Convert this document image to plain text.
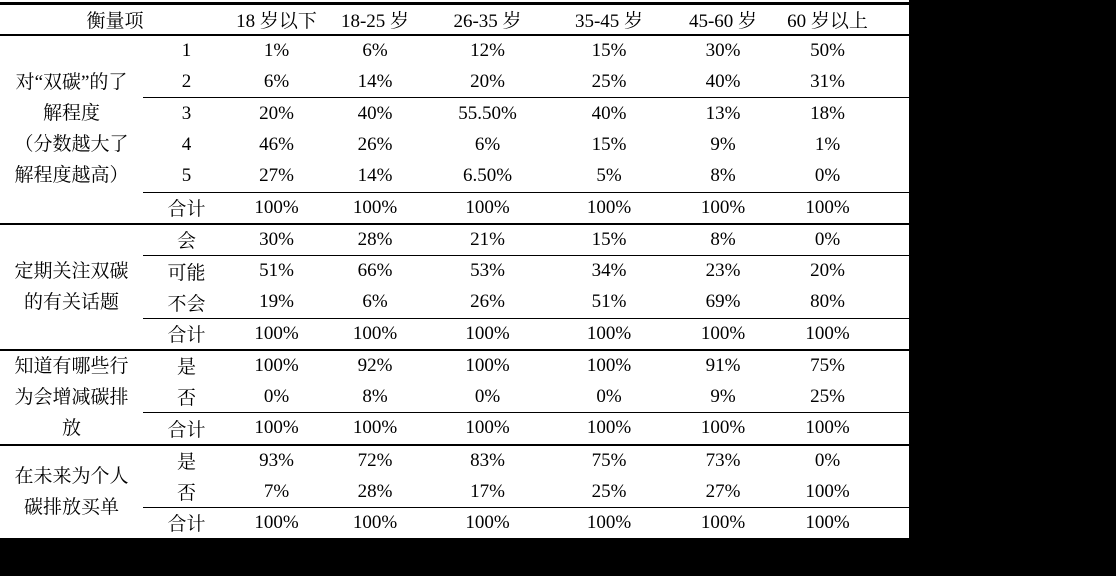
衡量项		18 岁以下	18-25 岁	26-35 岁	35-45 岁	45-60 岁	60 岁以上

对“双碳”的了
解程度
（分数越大了
解程度越高）	1	1%	6%	12%	15%	30%	50%
	2	6%	14%	20%	25%	40%	31%
	3	20%	40%	55.50%	40%	13%	18%
	4	46%	26%	6%	15%	9%	1%
	5	27%	14%	6.50%	5%	8%	0%
	合计	100%	100%	100%	100%	100%	100%

定期关注双碳
的有关话题	会	30%	28%	21%	15%	8%	0%
	可能	51%	66%	53%	34%	23%	20%
	不会	19%	6%	26%	51%	69%	80%
	合计	100%	100%	100%	100%	100%	100%

知道有哪些行
为会增减碳排
放	是	100%	92%	100%	100%	91%	75%
	否	0%	8%	0%	0%	9%	25%
	合计	100%	100%	100%	100%	100%	100%

在未来为个人
碳排放买单	是	93%	72%	83%	75%	73%	0%
	否	7%	28%	17%	25%	27%	100%
	合计	100%	100%	100%	100%	100%	100%
